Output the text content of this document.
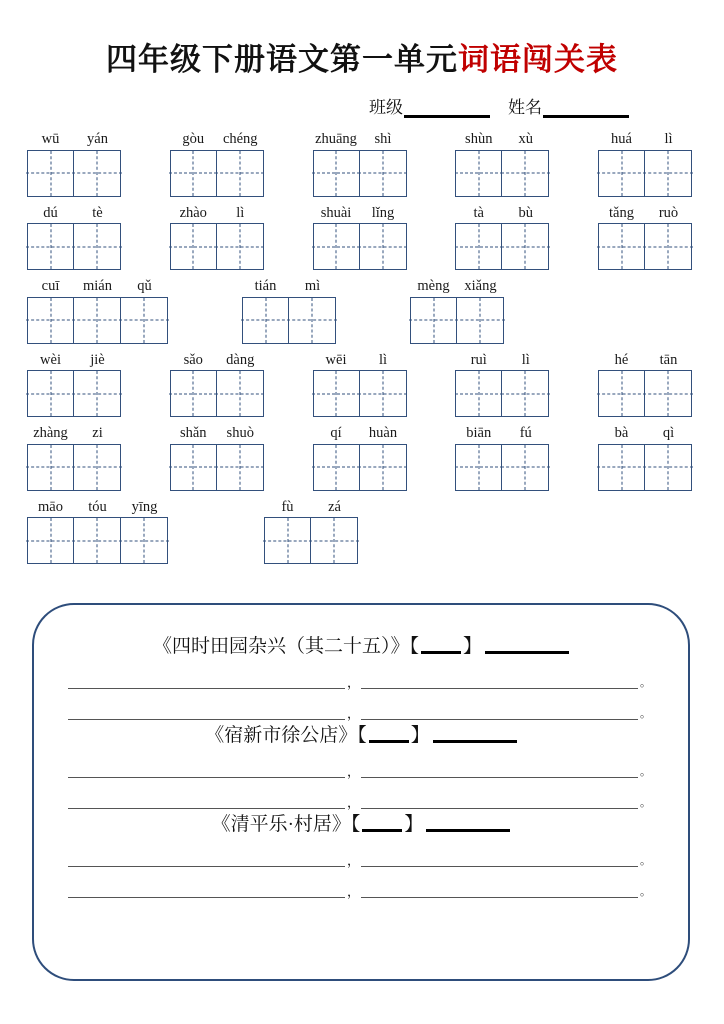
四年级下册语文第一单元词语闯关表
班级	姓名
wū	yán	gòu	chéng	zhuāng	shì	shùn	xù	huá	lì
dú	tè	zhào	lì	shuài	lǐng	tà	bù	tǎng	ruò
cuī	mián	qǔ	tián	mì	mèng	xiǎng
wèi	jiè	sǎo	dàng	wēi	lì	ruì	lì	hé	tān
zhàng	zi	shǎn	shuò	qí	huàn	biān	fú	bà	qì
māo	tóu	yīng	fù	zá
《四时田园杂兴（其二十五）》【 】
，	。
，	。
《宿新市徐公店》【 】
，	。
，	。
《清平乐·村居》【 】
，	。
，	。
